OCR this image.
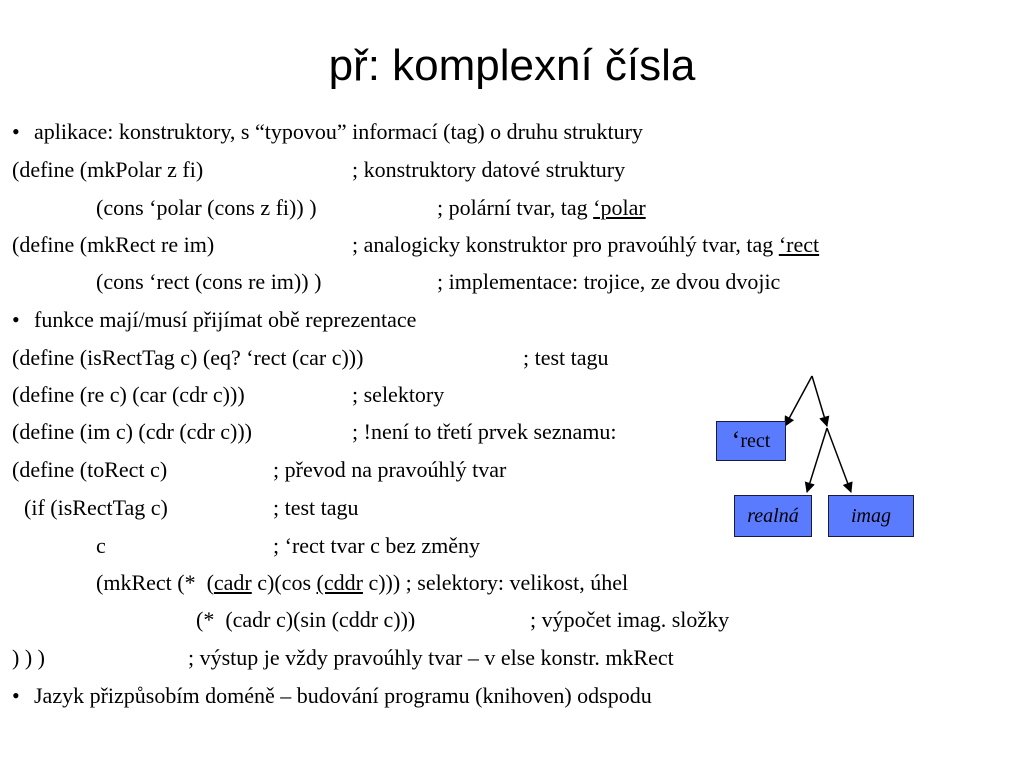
př: komplexní čísla
• aplikace: konstruktory, s “typovou” informací (tag) o druhu struktury
(define (mkPolar z fi)	; konstruktory datové struktury
(cons ‘polar (cons z fi)) )	; polární tvar, tag ‘polar
(define (mkRect re im)	; analogicky konstruktor pro pravoúhlý tvar, tag ‘rect
(cons ‘rect (cons re im)) )	; implementace: trojice, ze dvou dvojic
• funkce mají/musí přijímat obě reprezentace
(define (isRectTag c) (eq? ‘rect (car c)))	; test tagu
(define (re c) (car (cdr c)))	; selektory
(define (im c) (cdr (cdr c)))	; !není to třetí prvek seznamu:
(define (toRect c)	; převod na pravoúhlý tvar
(if (isRectTag c)	; test tagu
c	; ‘rect tvar c bez změny
(mkRect (*  (cadr c)(cos (cddr c))) ; selektory: velikost, úhel
(*  (cadr c)(sin (cddr c)))	; výpočet imag. složky
) ) )	; výstup je vždy pravoúhly tvar – v else konstr. mkRect
• Jazyk přizpůsobím doméně – budování programu (knihoven) odspodu
‘rect
realná	imag
